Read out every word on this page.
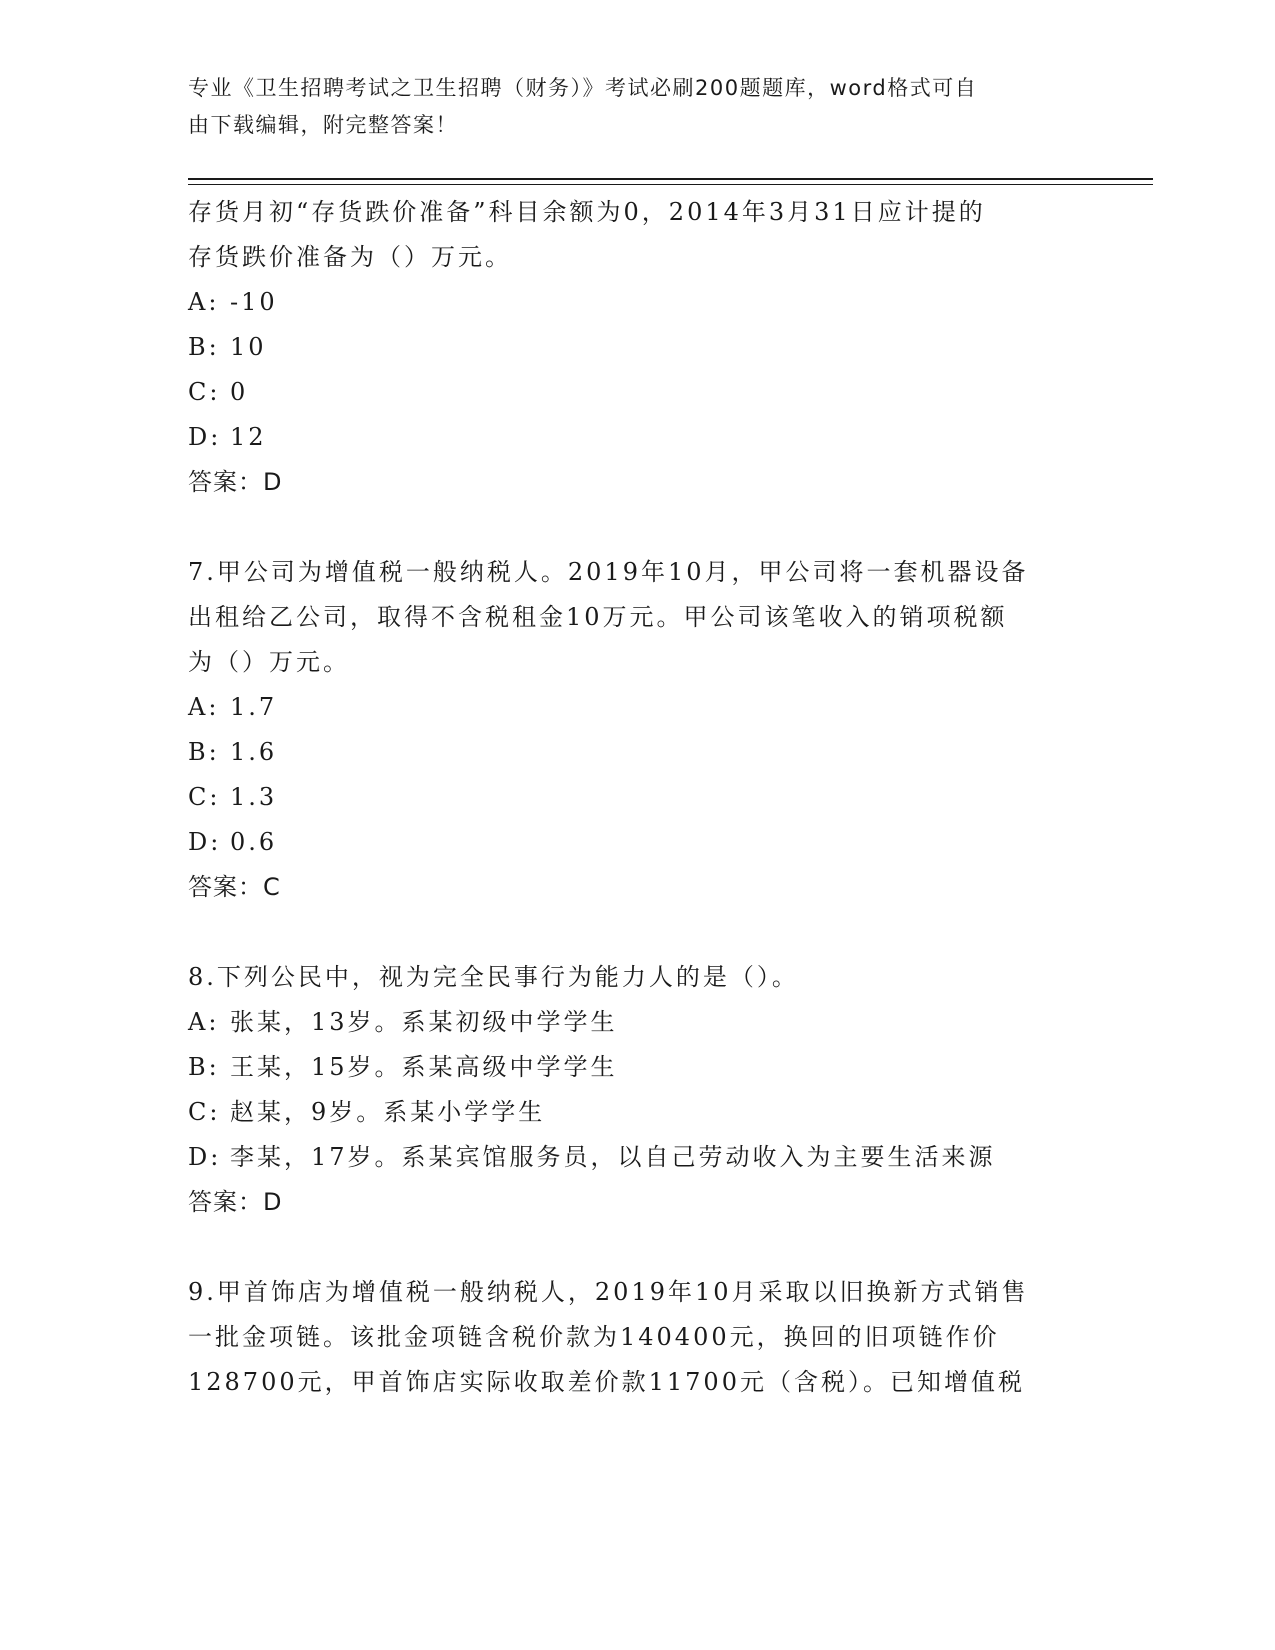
专业《卫生招聘考试之卫生招聘（财务）》考试必刷200题题库，word格式可自
由下载编辑，附完整答案！
存货月初“存货跌价准备”科目余额为0，2014年3月31日应计提的
存货跌价准备为（）万元。
A: -10
B: 10
C: 0
D: 12
答案：D
7.甲公司为增值税一般纳税人。2019年10月，甲公司将一套机器设备
出租给乙公司，取得不含税租金10万元。甲公司该笔收入的销项税额
为（）万元。
A: 1.7
B: 1.6
C: 1.3
D: 0.6
答案：C
8.下列公民中，视为完全民事行为能力人的是（）。
A: 张某，13岁。系某初级中学学生
B: 王某，15岁。系某高级中学学生
C: 赵某，9岁。系某小学学生
D: 李某，17岁。系某宾馆服务员，以自己劳动收入为主要生活来源
答案：D
9.甲首饰店为增值税一般纳税人，2019年10月采取以旧换新方式销售
一批金项链。该批金项链含税价款为140400元，换回的旧项链作价
128700元，甲首饰店实际收取差价款11700元（含税）。已知增值税
